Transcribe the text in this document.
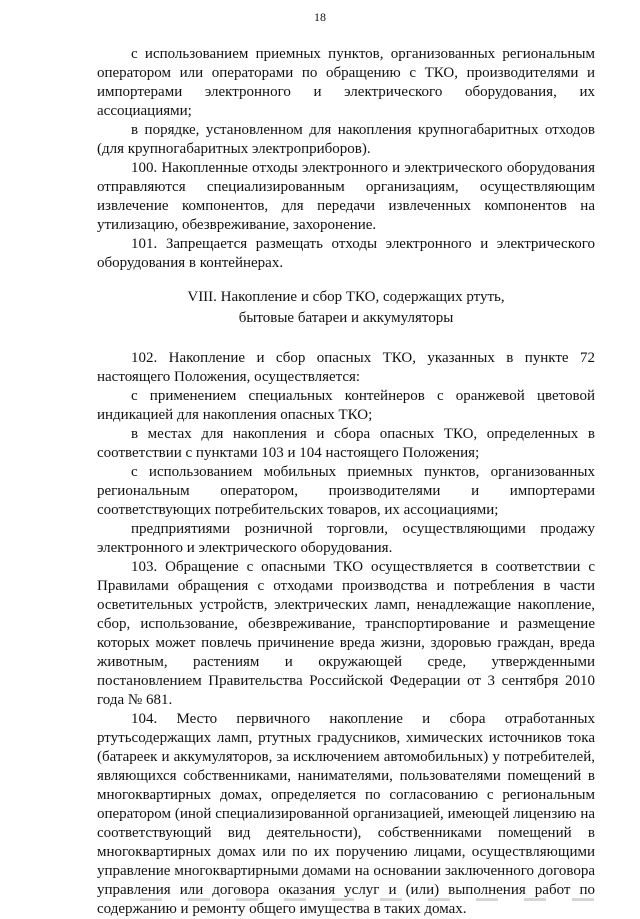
18

с использованием приемных пунктов, организованных региональным оператором или операторами по обращению с ТКО, производителями и импортерами электронного и электрического оборудования, их ассоциациями;

в порядке, установленном для накопления крупногабаритных отходов (для крупногабаритных электроприборов).

100. Накопленные отходы электронного и электрического оборудования отправляются специализированным организациям, осуществляющим извлечение компонентов, для передачи извлеченных компонентов на утилизацию, обезвреживание, захоронение.

101. Запрещается размещать отходы электронного и электрического оборудования в контейнерах.

VIII. Накопление и сбор ТКО, содержащих ртуть,
бытовые батареи и аккумуляторы

102. Накопление и сбор опасных ТКО, указанных в пункте 72 настоящего Положения, осуществляется:

с применением специальных контейнеров с оранжевой цветовой индикацией для накопления опасных ТКО;

в местах для накопления и сбора опасных ТКО, определенных в соответствии с пунктами 103 и 104 настоящего Положения;

с использованием мобильных приемных пунктов, организованных региональным оператором, производителями и импортерами соответствующих потребительских товаров, их ассоциациями;

предприятиями розничной торговли, осуществляющими продажу электронного и электрического оборудования.

103. Обращение с опасными ТКО осуществляется в соответствии с Правилами обращения с отходами производства и потребления в части осветительных устройств, электрических ламп, ненадлежащие накопление, сбор, использование, обезвреживание, транспортирование и размещение которых может повлечь причинение вреда жизни, здоровью граждан, вреда животным, растениям и окружающей среде, утвержденными постановлением Правительства Российской Федерации от 3 сентября 2010 года № 681.

104. Место первичного накопление и сбора отработанных ртутьсодержащих ламп, ртутных градусников, химических источников тока (батареек и аккумуляторов, за исключением автомобильных) у потребителей, являющихся собственниками, нанимателями, пользователями помещений в многоквартирных домах, определяется по согласованию с региональным оператором (иной специализированной организацией, имеющей лицензию на соответствующий вид деятельности), собственниками помещений в многоквартирных домах или по их поручению лицами, осуществляющими управление многоквартирными домами на основании заключенного договора управления или договора оказания услуг и (или) выполнения работ по содержанию и ремонту общего имущества в таких домах.
